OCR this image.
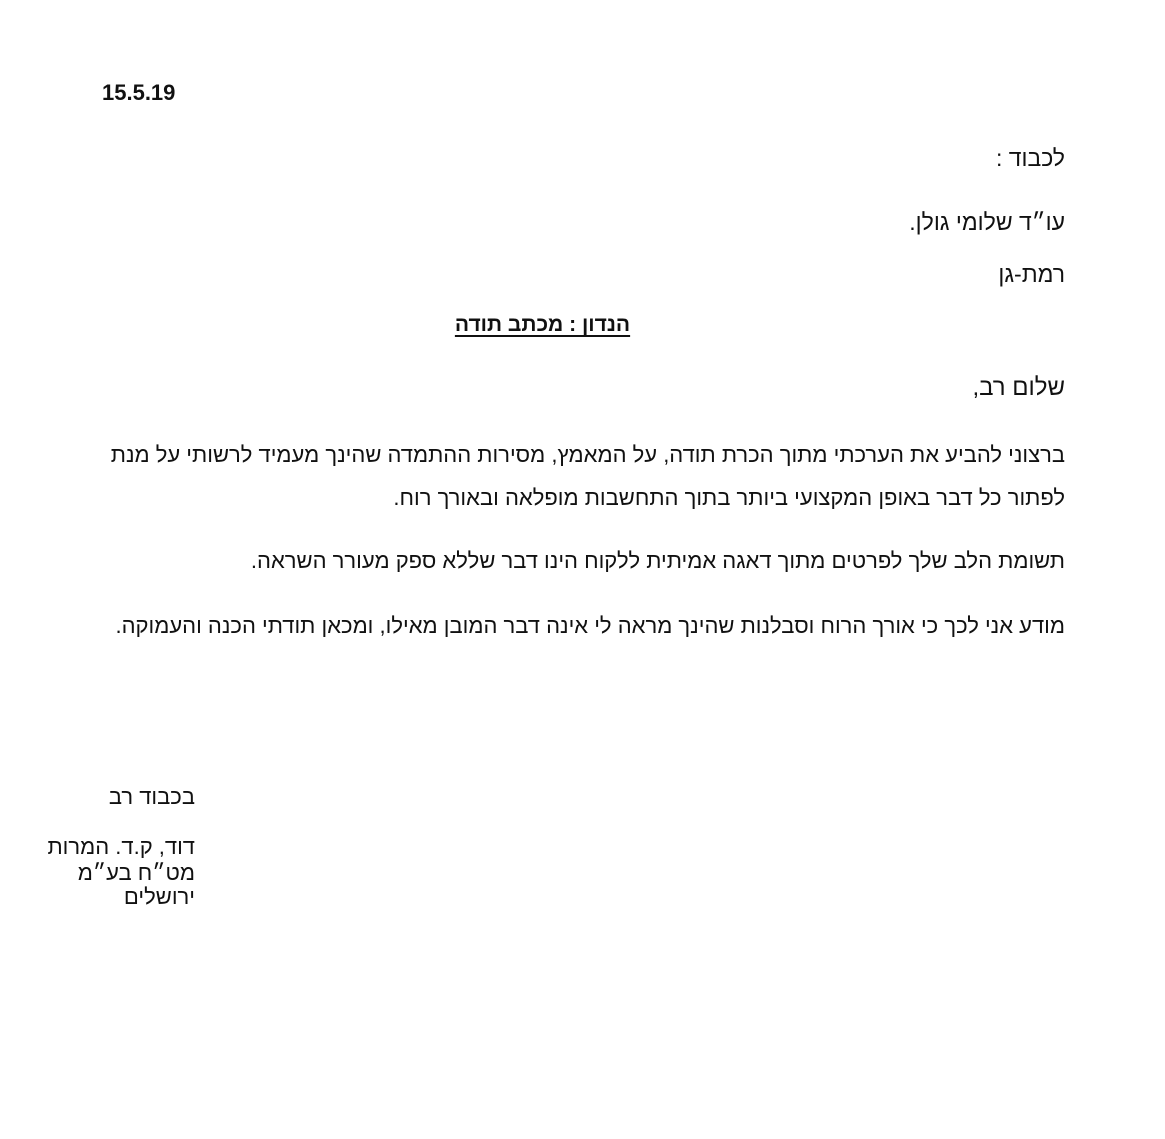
15.5.19
לכבוד :
עו״ד שלומי גולן.
רמת-גן
הנדון : מכתב תודה
שלום רב,

ברצוני להביע את הערכתי מתוך הכרת תודה, על המאמץ, מסירות ההתמדה שהינך מעמיד לרשותי על מנת לפתור כל דבר באופן המקצועי ביותר בתוך התחשבות מופלאה ובאורך רוח.

תשומת הלב שלך לפרטים מתוך דאגה אמיתית ללקוח הינו דבר שללא ספק מעורר השראה.

מודע אני לכך כי אורך הרוח וסבלנות שהינך מראה לי אינה דבר המובן מאילו, ומכאן תודתי הכנה והעמוקה.

בכבוד רב
דוד, ק.ד. המרות מט״ח בע״מ
ירושלים
